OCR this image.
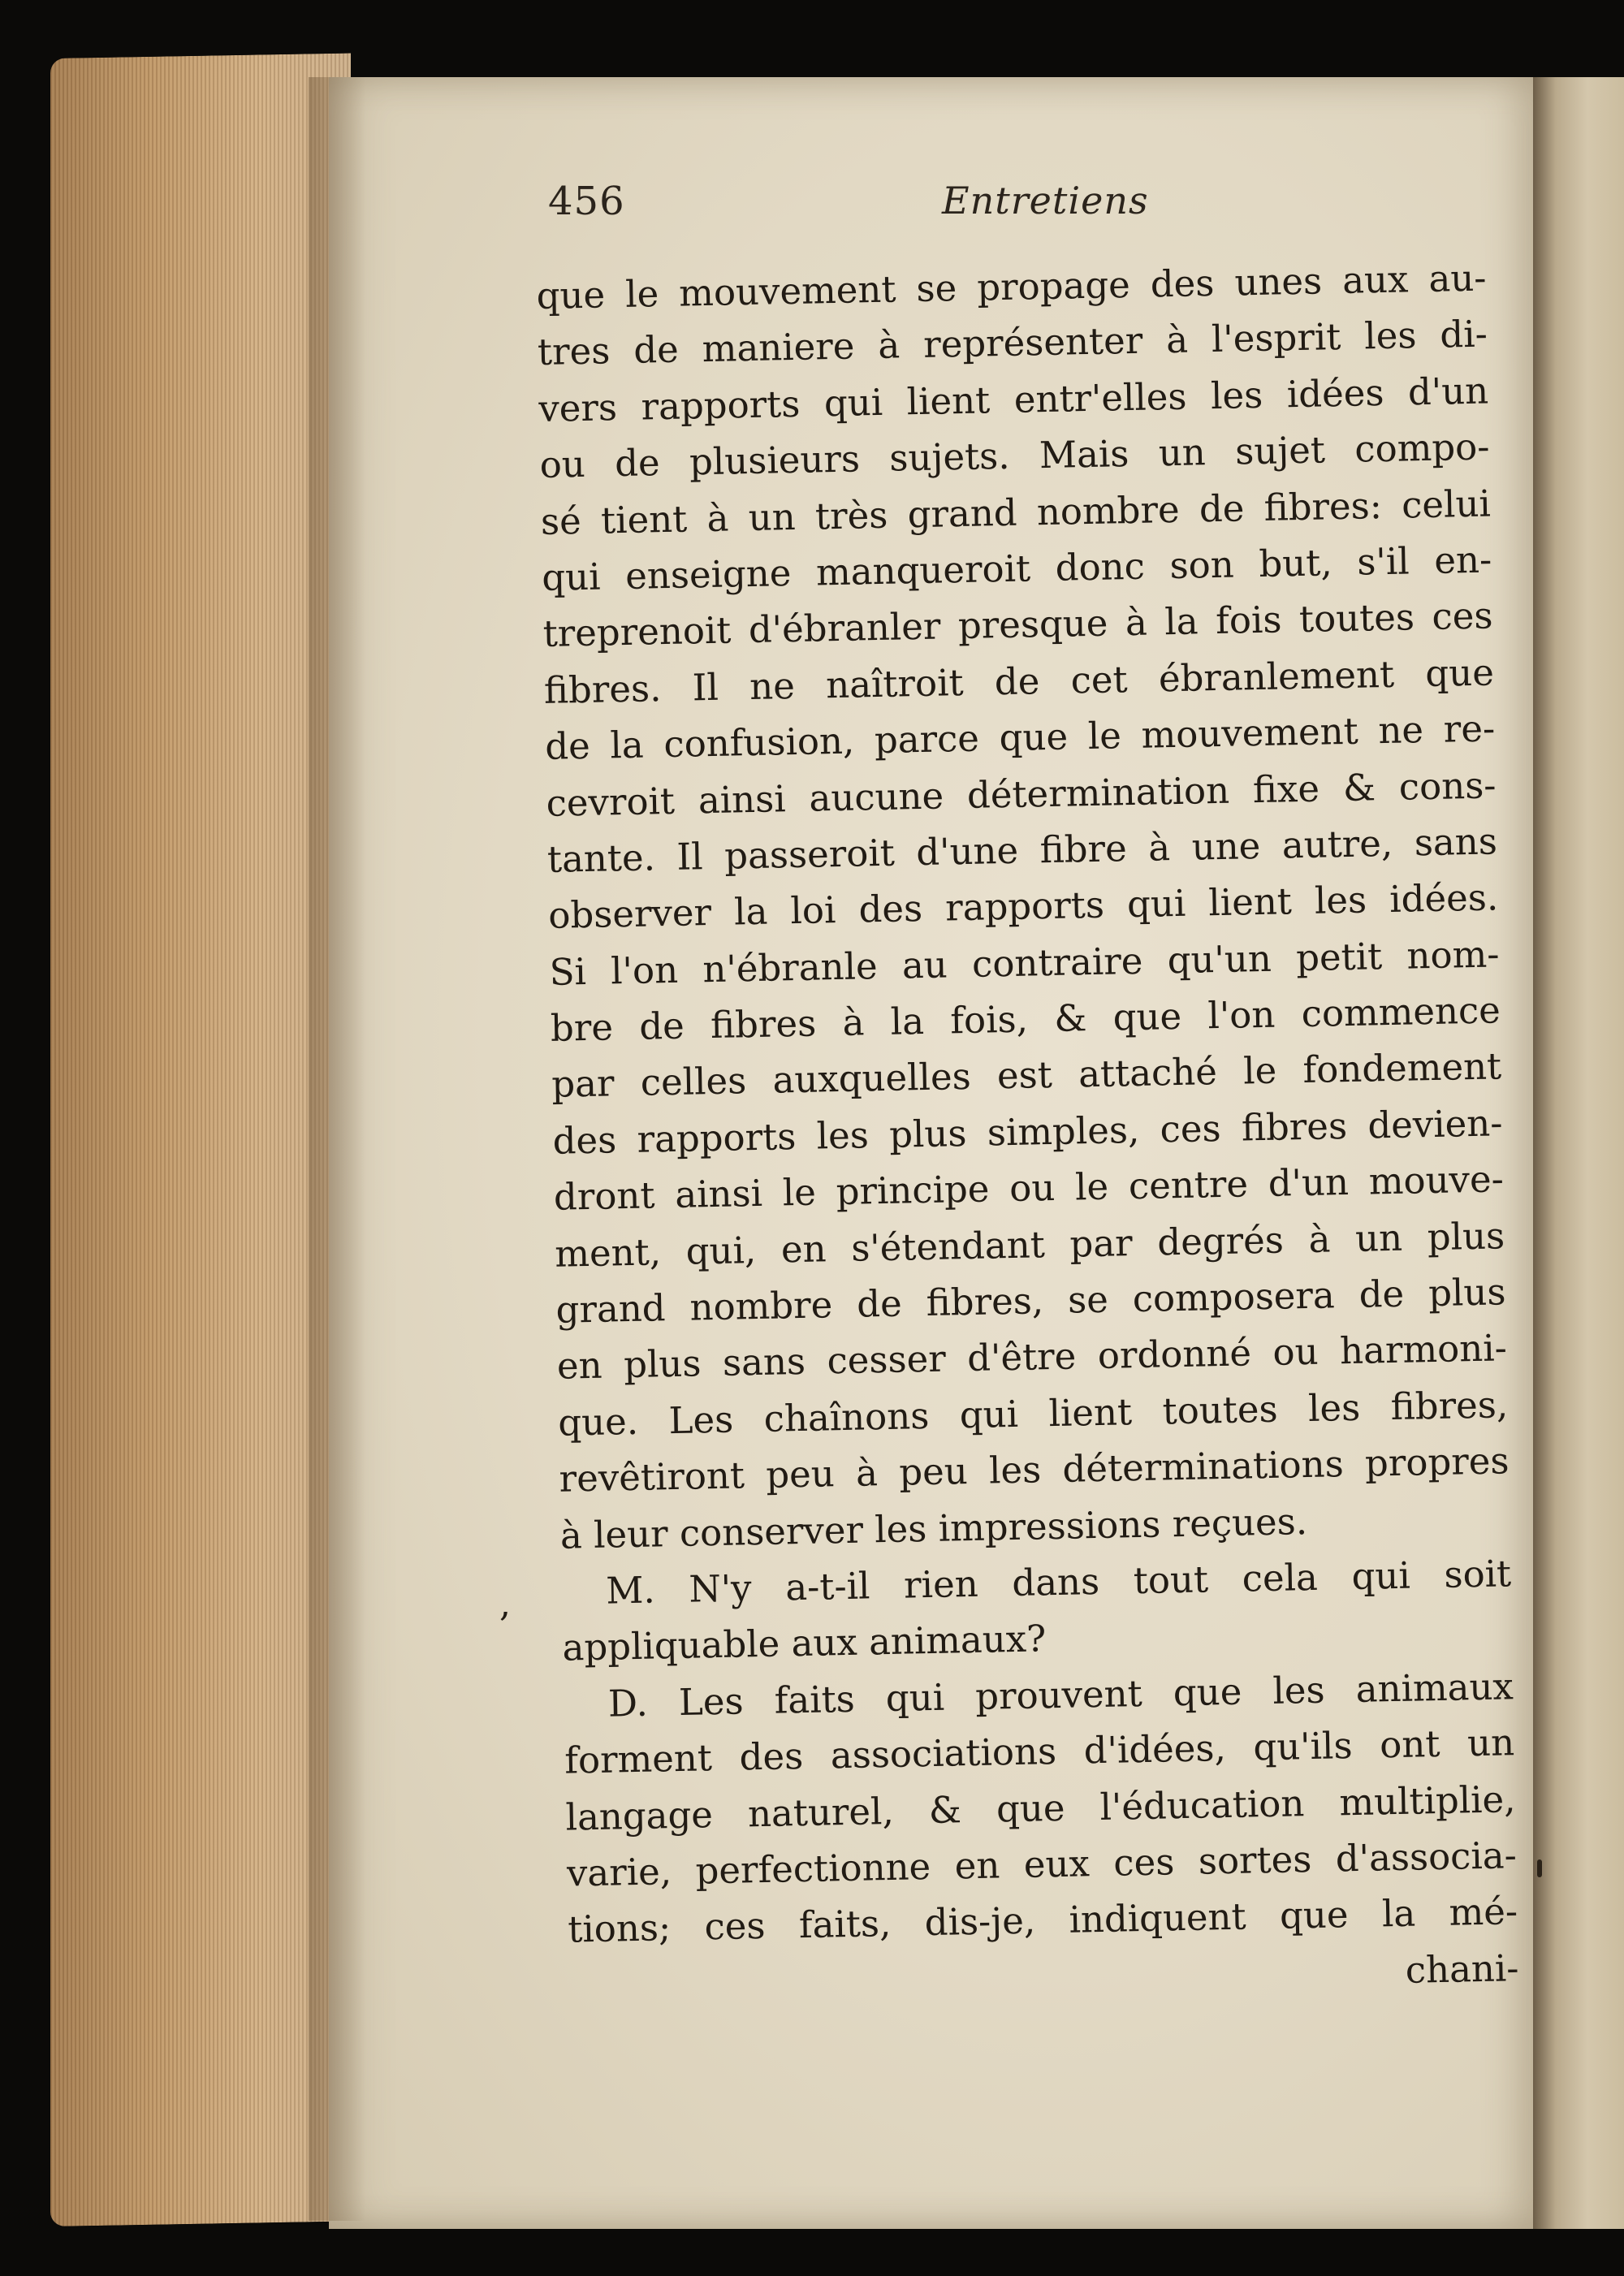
456	Entretiens
,
que le mouvement se propage des unes aux au-
tres de maniere à représenter à l'esprit les di-
vers rapports qui lient entr'elles les idées d'un
ou de plusieurs sujets. Mais un sujet compo-
sé tient à un très grand nombre de fibres: celui
qui enseigne manqueroit donc son but, s'il en-
treprenoit d'ébranler presque à la fois toutes ces
fibres. Il ne naîtroit de cet ébranlement que
de la confusion, parce que le mouvement ne re-
cevroit ainsi aucune détermination fixe & cons-
tante. Il passeroit d'une fibre à une autre, sans
observer la loi des rapports qui lient les idées.
Si l'on n'ébranle au contraire qu'un petit nom-
bre de fibres à la fois, & que l'on commence
par celles auxquelles est attaché le fondement
des rapports les plus simples, ces fibres devien-
dront ainsi le principe ou le centre d'un mouve-
ment, qui, en s'étendant par degrés à un plus
grand nombre de fibres, se composera de plus
en plus sans cesser d'être ordonné ou harmoni-
que. Les chaînons qui lient toutes les fibres,
revêtiront peu à peu les déterminations propres
à leur conserver les impressions reçues.
M. N'y a-t-il rien dans tout cela qui soit
appliquable aux animaux?
D. Les faits qui prouvent que les animaux
forment des associations d'idées, qu'ils ont un
langage naturel, & que l'éducation multiplie,
varie, perfectionne en eux ces sortes d'associa-
tions; ces faits, dis-je, indiquent que la mé-
chani-
